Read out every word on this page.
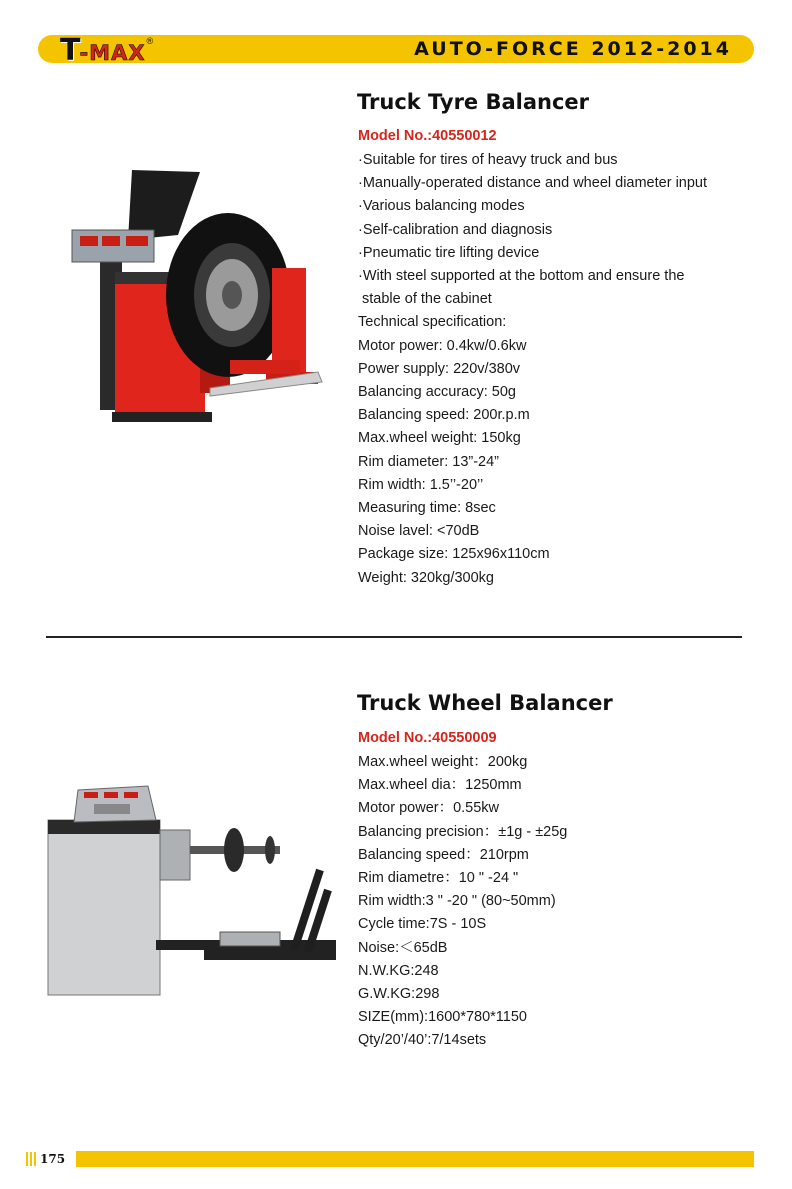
T -MAX ®	AUTO-FORCE 2012-2014
Truck Tyre Balancer
Model No.:40550012
·Suitable for tires of heavy truck and bus
·Manually-operated distance and wheel diameter input
·Various balancing modes
·Self-calibration and diagnosis
·Pneumatic tire lifting device
·With steel supported at the bottom and ensure the
stable of the cabinet
Technical specification:
Motor power: 0.4kw/0.6kw
Power supply: 220v/380v
Balancing accuracy: 50g
Balancing speed: 200r.p.m
Max.wheel weight: 150kg
Rim diameter: 13”-24”
Rim width: 1.5’’-20’’
Measuring time: 8sec
Noise lavel: <70dB
Package size: 125x96x110cm
Weight: 320kg/300kg
Truck Wheel Balancer
Model No.:40550009
Max.wheel weight：200kg
Max.wheel dia：1250mm
Motor power：0.55kw
Balancing precision：±1g - ±25g
Balancing speed：210rpm
Rim diametre：10 " -24 "
Rim width:3 " -20 " (80~50mm)
Cycle time:7S - 10S
Noise:＜65dB
N.W.KG:248
G.W.KG:298
SIZE(mm):1600*780*1150
Qty/20’/40’:7/14sets
175
